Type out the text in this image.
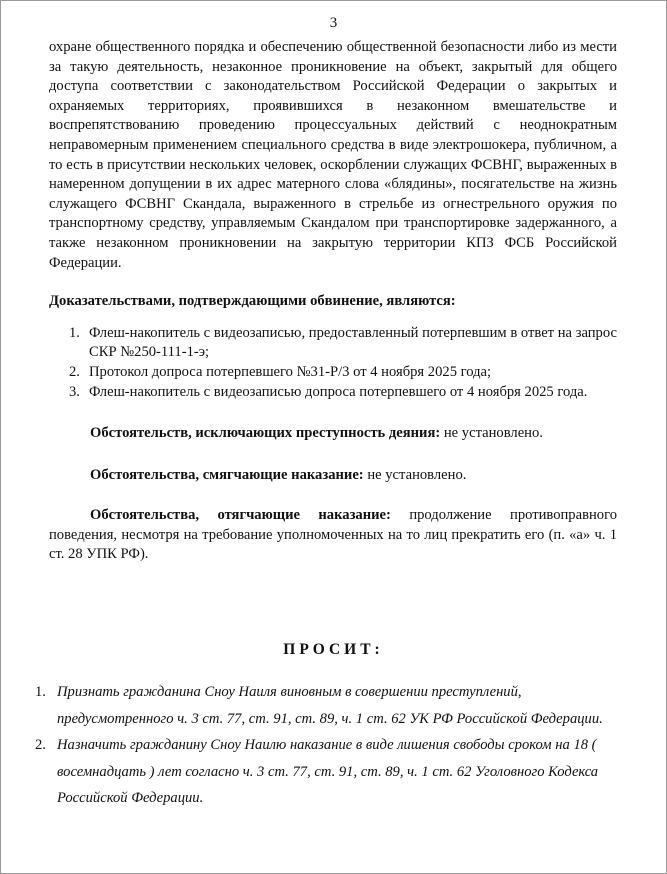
3

охране общественного порядка и обеспечению общественной безопасности либо из мести за такую деятельность, незаконное проникновение на объект, закрытый для общего доступа соответствии с законодательством Российской Федерации о закрытых и охраняемых территориях, проявившихся в незаконном вмешательстве и воспрепятствованию проведению процессуальных действий с неоднократным неправомерным применением специального средства в виде электрошокера, публичном, а то есть в присутствии нескольких человек, оскорблении служащих ФСВНГ, выраженных в намеренном допущении в их адрес матерного слова «блядины», посягательстве на жизнь служащего ФСВНГ Скандала, выраженного в стрельбе из огнестрельного оружия по транспортному средству, управляемым Скандалом при транспортировке задержанного, а также незаконном проникновении на закрытую территории КПЗ ФСБ Российской Федерации.

Доказательствами, подтверждающими обвинение, являются:

1. Флеш-накопитель с видеозаписью, предоставленный потерпевшим в ответ на запрос СКР №250-111-1-э;
2. Протокол допроса потерпевшего №31-Р/3 от 4 ноября 2025 года;
3. Флеш-накопитель с видеозаписью допроса потерпевшего от 4 ноября 2025 года.

Обстоятельств, исключающих преступность деяния: не установлено.

Обстоятельства, смягчающие наказание: не установлено.

Обстоятельства, отягчающие наказание: продолжение противоправного поведения, несмотря на требование уполномоченных на то лиц прекратить его (п. «а» ч. 1 ст. 28 УПК РФ).

ПРОСИТ:
1. Признать гражданина Сноу Наиля виновным в совершении преступлений, предусмотренного ч. 3 ст. 77, ст. 91, ст. 89, ч. 1 ст. 62 УК РФ Российской Федерации.
2. Назначить гражданину Сноу Наилю наказание в виде лишения свободы сроком на 18 ( восемнадцать ) лет согласно ч. 3 ст. 77, ст. 91, ст. 89, ч. 1 ст. 62 Уголовного Кодекса Российской Федерации.
